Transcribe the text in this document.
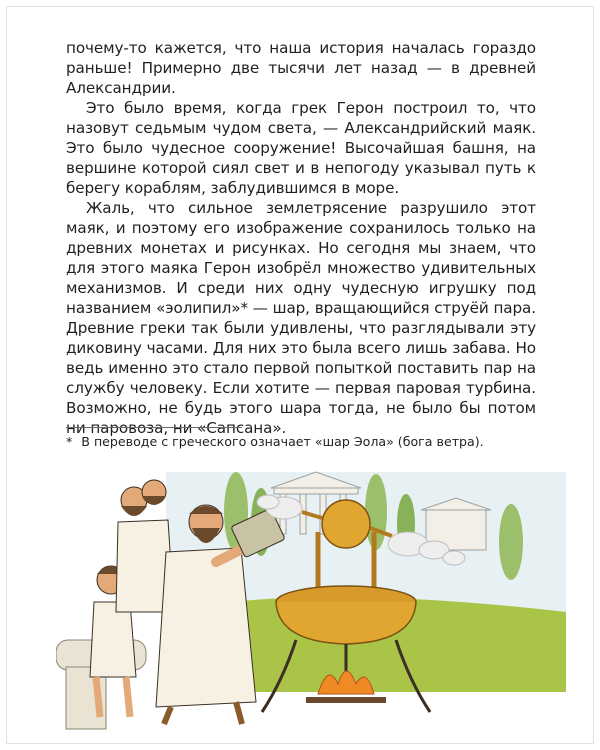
почему-то кажется, что наша история началась гораздо раньше! Примерно две тысячи лет назад — в древней Александрии.

Это было время, когда грек Герон построил то, что назовут седьмым чудом света, — Александрийский маяк. Это было чудесное сооружение! Высочайшая башня, на вершине которой сиял свет и в непогоду указывал путь к берегу кораблям, заблудившимся в море.

Жаль, что сильное землетрясение разрушило этот маяк, и поэтому его изображение сохранилось только на древних монетах и рисунках. Но сегодня мы знаем, что для этого маяка Герон изобрёл множество удивительных механизмов. И среди них одну чудесную игрушку под названием «эолипил»* — шар, вращающийся струёй пара. Древние греки так были удивлены, что разглядывали эту диковину часами. Для них это была всего лишь забава. Но ведь именно это стало первой попыткой поставить пар на службу человеку. Если хотите — первая паровая турбина. Возможно, не будь этого шара тогда, не было бы потом ни паровоза, ни «Сапсана».

* В переводе с греческого означает «шар Эола» (бога ветра).
